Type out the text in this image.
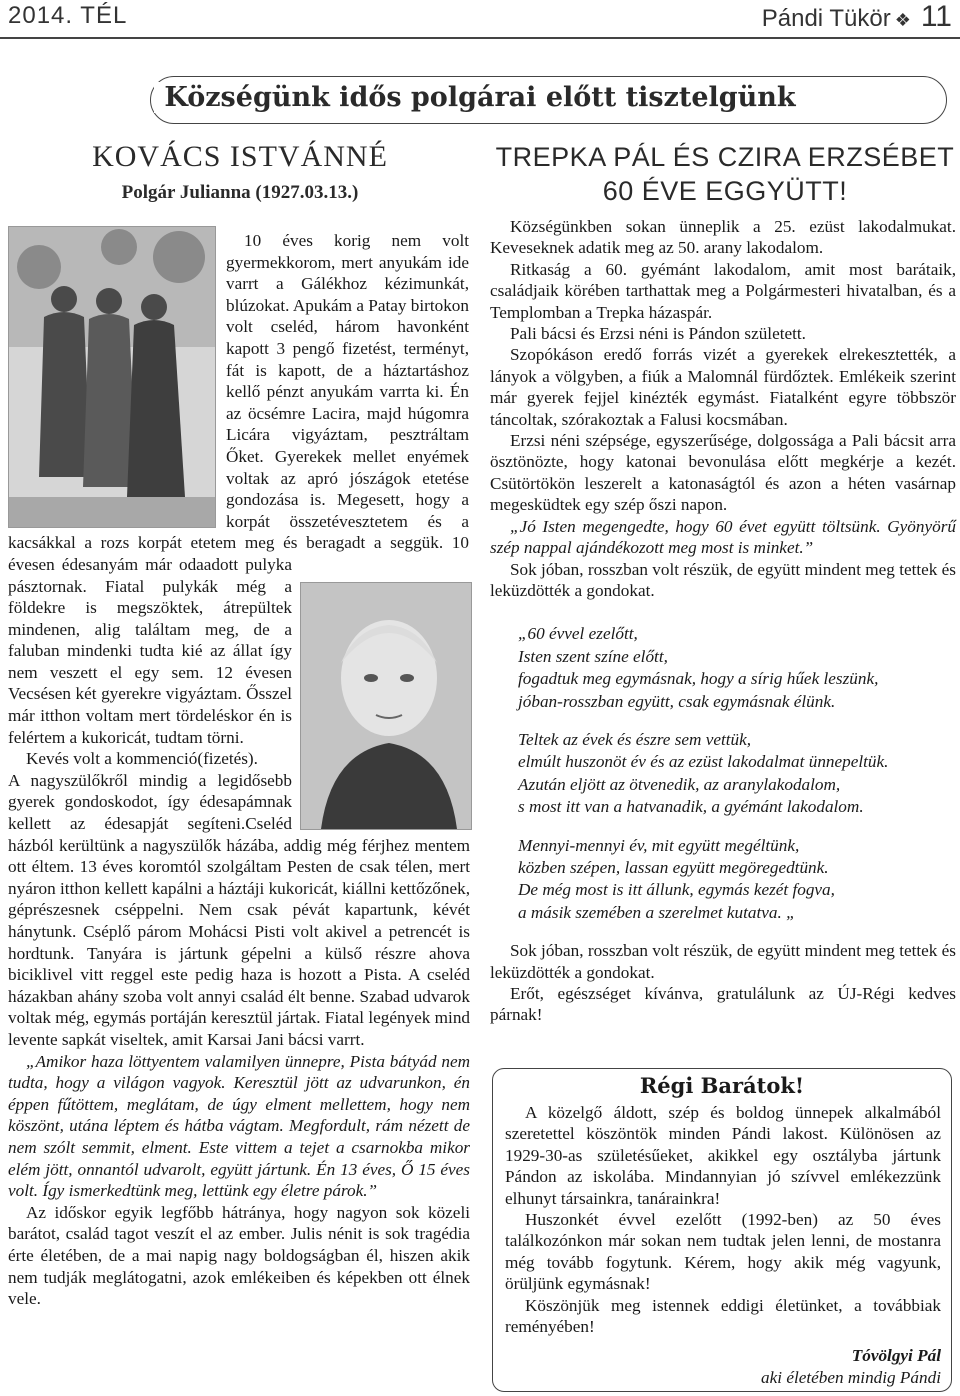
2014. TÉL	Pándi Tükör ❖ 11
Községünk idős polgárai előtt tisztelgünk
KOVÁCS ISTVÁNNÉ
Polgár Julianna (1927.03.13.)
TREPKA PÁL ÉS CZIRA ERZSÉBET
60 ÉVE EGGYÜTT!

10 éves korig nem volt gyermekkorom, mert anyukám ide varrt a Gálékhoz kézimunkát, blúzokat. Apukám a Patay birtokon volt cseléd, három havonként kapott 3 pengő fizetést, terményt, fát is kapott, de a háztartáshoz kellő pénzt anyukám varrta ki. Én az öcsémre Lacira, majd húgomra Licára vigyáztam, pesztráltam Őket. Gyerekek mellet enyémek voltak az apró jószágok etetése gondozása is. Megesett, hogy a korpát összetévesztetem és a kacsákkal a rozs korpát etetem meg és beragadt a seggük. 10 évesen édesanyám már odaadott pulyka pásztornak. Fiatal pulykák még a földekre is megszöktek, átrepültek mindenen, alig találtam meg, de a faluban mindenki tudta kié az állat így nem veszett el egy sem. 12 évesen Vecsésen két gyerekre vigyáztam. Ősszel már itthon voltam mert tördeléskor én is felértem a kukoricát, tudtam törni.

Kevés volt a kommenció(fizetés).

A nagyszülőkről mindig a legidősebb gyerek gondoskodot, így édesapámnak kellett az édesapját segíteni.Cseléd házból kerültünk a nagyszülők házába, addig még férjhez mentem ott éltem. 13 éves koromtól szolgáltam Pesten de csak télen, mert nyáron itthon kellett kapálni a háztáji kukoricát, kiállni kettőzőnek, géprészesnek cséppelni. Nem csak pévát kapartunk, kévét hánytunk. Cséplő párom Mohácsi Pisti volt akivel a petrencét is hordtunk. Tanyára is jártunk gépelni a külső részre ahova biciklivel vitt reggel este pedig haza is hozott a Pista. A cseléd házakban ahány szoba volt annyi család élt benne. Szabad udvarok voltak még, egymás portáján keresztül jártak. Fiatal legények mind levente sapkát viseltek, amit Karsai Jani bácsi varrt.

„Amikor haza löttyentem valamilyen ünnepre, Pista bátyád nem tudta, hogy a világon vagyok. Keresztül jött az udvarunkon, én éppen fűtöttem, meglátam, de úgy elment mellettem, hogy nem köszönt, utána léptem és hátba vágtam. Megfordult, rám nézett de nem szólt semmit, elment. Este vittem a tejet a csarnokba mikor elém jött, onnantól udvarolt, együtt jártunk. Én 13 éves, Ő 15 éves volt. Így ismerkedtünk meg, lettünk egy életre párok.”

Az időskor egyik legfőbb hátránya, hogy nagyon sok közeli barátot, család tagot veszít el az ember. Julis nénit is sok tragédia érte életében, de a mai napig nagy boldogságban él, hiszen akik nem tudják meglátogatni, azok emlékeiben és képekben ott élnek vele.

Községünkben sokan ünneplik a 25. ezüst lakodalmukat. Keveseknek adatik meg az 50. arany lakodalom.

Ritkaság a 60. gyémánt lakodalom, amit most barátaik, családjaik körében tarthattak meg a Polgármesteri hivatalban, és a Templomban a Trepka házaspár.

Pali bácsi és Erzsi néni is Pándon született.

Szopókáson eredő forrás vizét a gyerekek elrekesztették, a lányok a völgyben, a fiúk a Malomnál fürdőztek. Emlékeik szerint már gyerek fejjel kinézték egymást. Fiatalként egyre többször táncoltak, szórakoztak a Falusi kocsmában.

Erzsi néni szépsége, egyszerűsége, dolgossága a Pali bácsit arra ösztönözte, hogy katonai bevonulása előtt megkérje a kezét. Csütörtökön leszerelt a katonaságtól és azon a héten vasárnap megesküdtek egy szép őszi napon.

„Jó Isten megengedte, hogy 60 évet együtt töltsünk. Gyönyörű szép nappal ajándékozott meg most is minket.”

Sok jóban, rosszban volt részük, de együtt mindent meg tettek és leküzdötték a gondokat.

„60 évvel ezelőtt,
Isten szent színe előtt,
fogadtuk meg egymásnak, hogy a sírig hűek leszünk,
jóban-rosszban együtt, csak egymásnak élünk.
Teltek az évek és észre sem vettük,
elmúlt huszonöt év és az ezüst lakodalmat ünnepeltük.
Azután eljött az ötvenedik, az aranylakodalom,
s most itt van a hatvanadik, a gyémánt lakodalom.
Mennyi-mennyi év, mit együtt megéltünk,
közben szépen, lassan együtt megöregedtünk.
De még most is itt állunk, egymás kezét fogva,
a másik szemében a szerelmet kutatva. „

Sok jóban, rosszban volt részük, de együtt mindent meg tettek és leküzdötték a gondokat.

Erőt, egészséget kívánva, gratulálunk az ÚJ-Régi kedves párnak!

Régi Barátok!

A közelgő áldott, szép és boldog ünnepek alkalmából szeretettel köszöntök minden Pándi lakost. Különösen az 1929-30-as születésűeket, akikkel egy osztályba jártunk Pándon az iskolába. Mindannyian jó szívvel emlékezzünk elhunyt társainkra, tanárainkra!

Huszonkét évvel ezelőtt (1992-ben) az 50 éves találkozónkon már sokan nem tudtak jelen lenni, de mostanra még tovább fogytunk. Kérem, hogy akik még vagyunk, örüljünk egymásnak!

Köszönjük meg istennek eddigi életünket, a továbbiak reményében!

Tóvölgyi Pál
aki életében mindig Pándi
